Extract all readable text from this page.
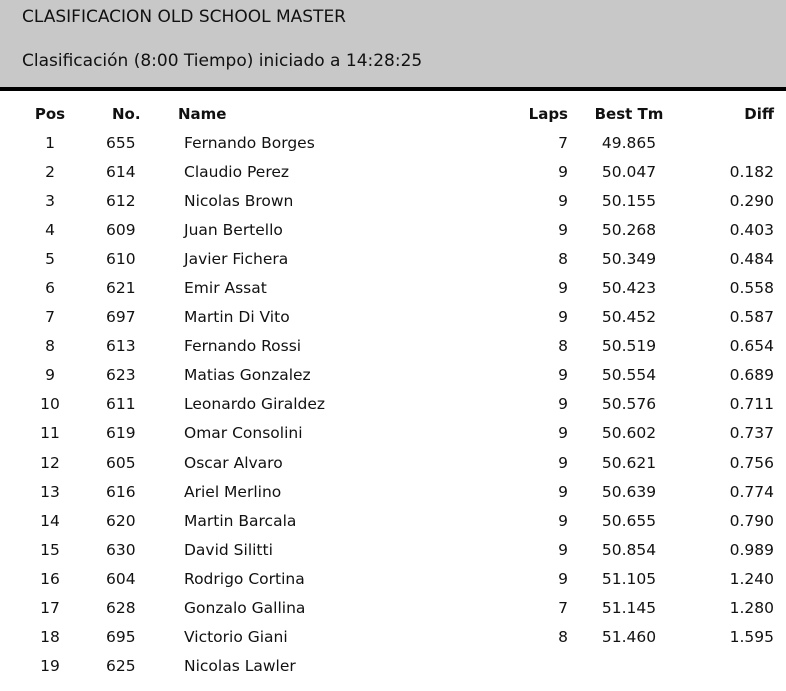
CLASIFICACION OLD SCHOOL MASTER
Clasificación (8:00 Tiempo) iniciado a 14:28:25
Pos	No.	Name	Laps	Best Tm	Diff
1	655	Fernando Borges	7	49.865	
2	614	Claudio Perez	9	50.047	0.182
3	612	Nicolas Brown	9	50.155	0.290
4	609	Juan Bertello	9	50.268	0.403
5	610	Javier Fichera	8	50.349	0.484
6	621	Emir Assat	9	50.423	0.558
7	697	Martin Di Vito	9	50.452	0.587
8	613	Fernando Rossi	8	50.519	0.654
9	623	Matias Gonzalez	9	50.554	0.689
10	611	Leonardo Giraldez	9	50.576	0.711
11	619	Omar Consolini	9	50.602	0.737
12	605	Oscar Alvaro	9	50.621	0.756
13	616	Ariel Merlino	9	50.639	0.774
14	620	Martin Barcala	9	50.655	0.790
15	630	David Silitti	9	50.854	0.989
16	604	Rodrigo Cortina	9	51.105	1.240
17	628	Gonzalo Gallina	7	51.145	1.280
18	695	Victorio Giani	8	51.460	1.595
19	625	Nicolas Lawler			
